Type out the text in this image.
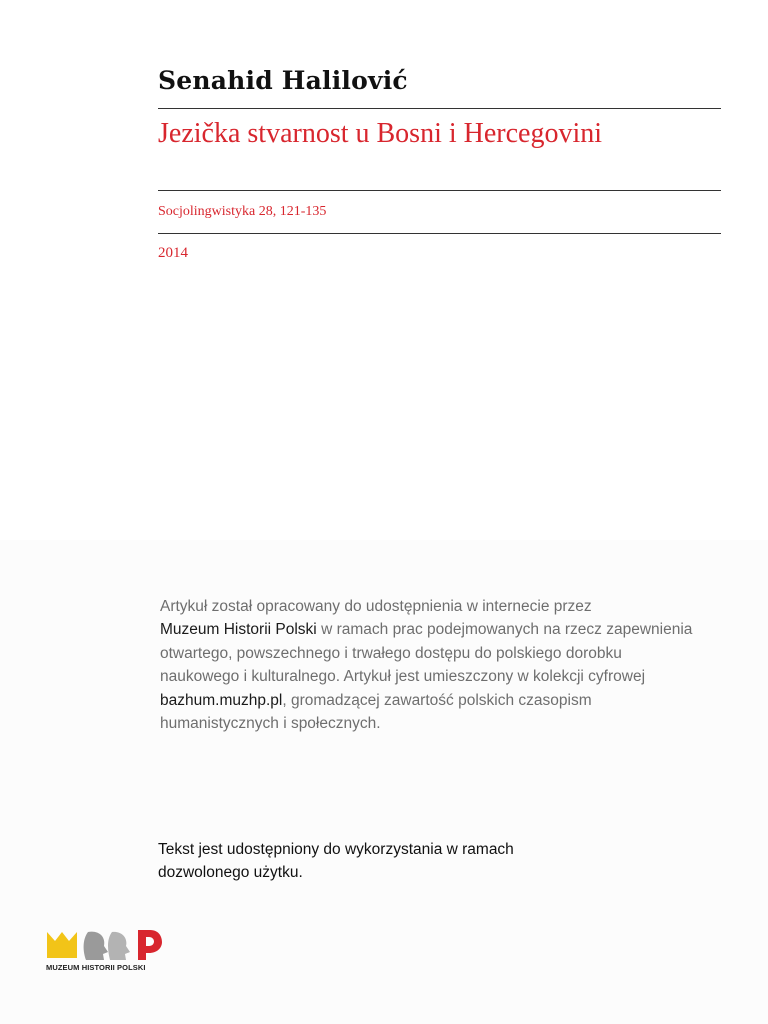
Senahid Halilović
Jezička stvarnost u Bosni i Hercegovini
Socjolingwistyka 28, 121-135
2014
Artykuł został opracowany do udostępnienia w internecie przez
Muzeum Historii Polski w ramach prac podejmowanych na rzecz zapewnienia otwartego, powszechnego i trwałego dostępu do polskiego dorobku naukowego i kulturalnego. Artykuł jest umieszczony w kolekcji cyfrowej bazhum.muzhp.pl, gromadzącej zawartość polskich czasopism humanistycznych i społecznych.
Tekst jest udostępniony do wykorzystania w ramach dozwolonego użytku.
MUZEUM HISTORII POLSKI
